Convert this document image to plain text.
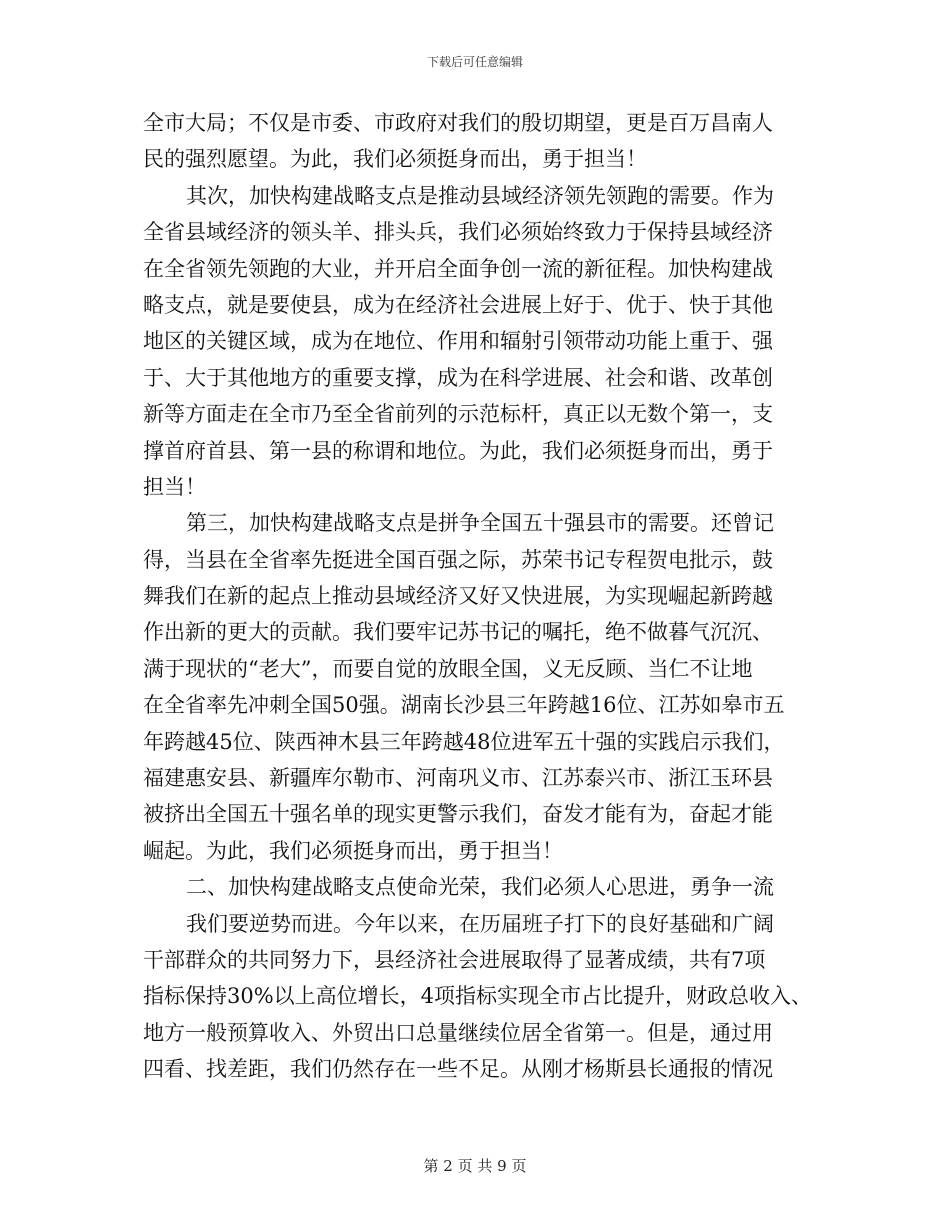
下载后可任意编辑
全市大局；不仅是市委、市政府对我们的殷切期望，更是百万昌南人
民的强烈愿望。为此，我们必须挺身而出，勇于担当！
其次，加快构建战略支点是推动县域经济领先领跑的需要。作为
全省县域经济的领头羊、排头兵，我们必须始终致力于保持县域经济
在全省领先领跑的大业，并开启全面争创一流的新征程。加快构建战
略支点，就是要使县，成为在经济社会进展上好于、优于、快于其他
地区的关键区域，成为在地位、作用和辐射引领带动功能上重于、强
于、大于其他地方的重要支撑，成为在科学进展、社会和谐、改革创
新等方面走在全市乃至全省前列的示范标杆，真正以无数个第一，支
撑首府首县、第一县的称谓和地位。为此，我们必须挺身而出，勇于
担当！
第三，加快构建战略支点是拼争全国五十强县市的需要。还曾记
得，当县在全省率先挺进全国百强之际，苏荣书记专程贺电批示，鼓
舞我们在新的起点上推动县域经济又好又快进展，为实现崛起新跨越
作出新的更大的贡献。我们要牢记苏书记的嘱托，绝不做暮气沉沉、
满于现状的“老大”，而要自觉的放眼全国，义无反顾、当仁不让地
在全省率先冲刺全国50强。湖南长沙县三年跨越16位、江苏如皋市五
年跨越45位、陕西神木县三年跨越48位进军五十强的实践启示我们，
福建惠安县、新疆库尔勒市、河南巩义市、江苏泰兴市、浙江玉环县
被挤出全国五十强名单的现实更警示我们，奋发才能有为，奋起才能
崛起。为此，我们必须挺身而出，勇于担当！
二、加快构建战略支点使命光荣，我们必须人心思进，勇争一流
我们要逆势而进。今年以来，在历届班子打下的良好基础和广阔
干部群众的共同努力下，县经济社会进展取得了显著成绩，共有7项
指标保持30%以上高位增长，4项指标实现全市占比提升，财政总收入、
地方一般预算收入、外贸出口总量继续位居全省第一。但是，通过用
四看、找差距，我们仍然存在一些不足。从刚才杨斯县长通报的情况
第 2 页 共 9 页
